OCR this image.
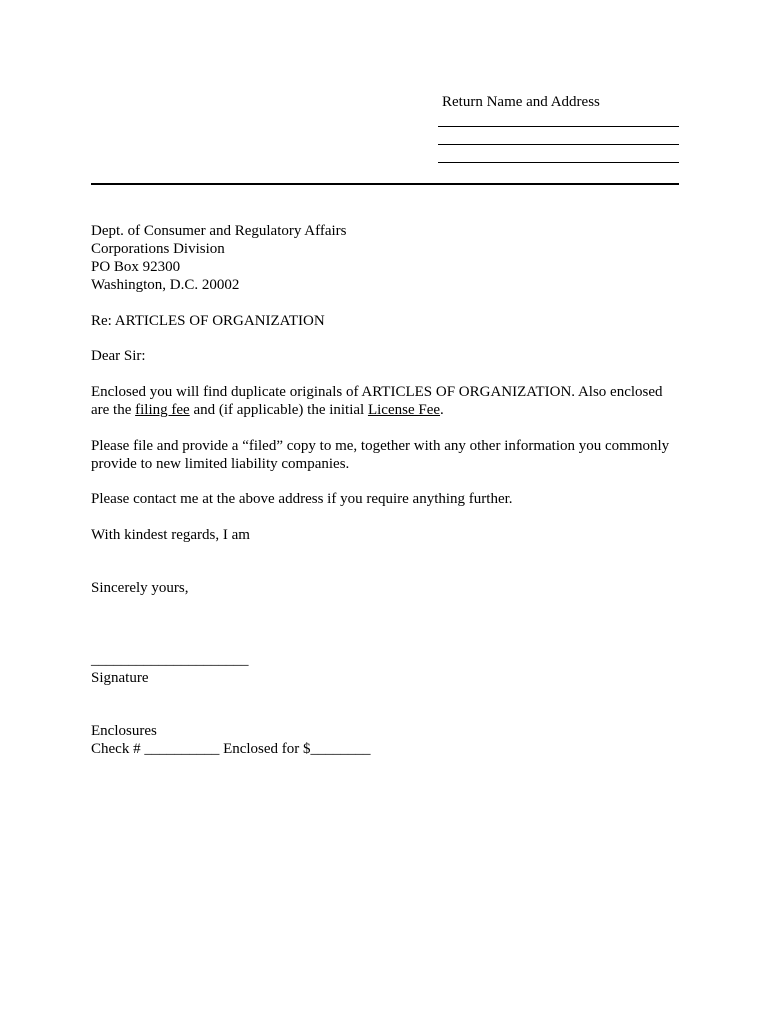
Return Name and Address
Dept. of Consumer and Regulatory Affairs
Corporations Division
PO Box 92300
Washington, D.C. 20002
Re: ARTICLES OF ORGANIZATION
Dear Sir:
Enclosed you will find duplicate originals of ARTICLES OF ORGANIZATION. Also enclosed
are the filing fee and (if applicable) the initial License Fee.
Please file and provide a “filed” copy to me, together with any other information you commonly
provide to new limited liability companies.
Please contact me at the above address if you require anything further.
With kindest regards, I am
Sincerely yours,
_____________________
Signature
Enclosures
Check # __________ Enclosed for $________
